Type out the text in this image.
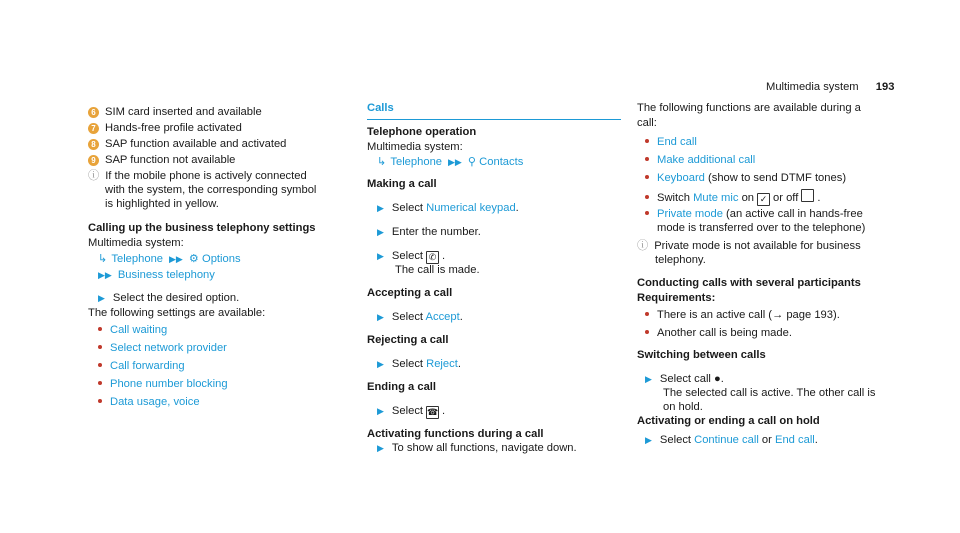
Multimedia system 193
6 SIM card inserted and available
7 Hands-free profile activated
8 SAP function available and activated
9 SAP function not available
ⓘ If the mobile phone is actively connected
with the system, the corresponding symbol
is highlighted in yellow.
Calling up the business telephony settings
Multimedia system:
↳ Telephone ▶▶ ⚙ Options
▶▶ Business telephony
▶ Select the desired option.
The following settings are available:
Call waiting
Select network provider
Call forwarding
Phone number blocking
Data usage, voice
Calls
Telephone operation
Multimedia system:
↳ Telephone ▶▶ ⚲ Contacts
Making a call
▶ Select Numerical keypad.
▶ Enter the number.
▶ Select ✆ .
The call is made.
Accepting a call
▶ Select Accept.
Rejecting a call
▶ Select Reject.
Ending a call
▶ Select ☎ .
Activating functions during a call
▶ To show all functions, navigate down.
The following functions are available during a
call:
End call
Make additional call
Keyboard (show to send DTMF tones)
Switch Mute mic on ✓ or off .
Private mode (an active call in hands-free
mode is transferred over to the telephone)
ⓘ Private mode is not available for business
telephony.
Conducting calls with several participants
Requirements:
There is an active call (→ page 193).
Another call is being made.
Switching between calls
▶ Select call ●.
The selected call is active. The other call is
on hold.
Activating or ending a call on hold
▶ Select Continue call or End call.
